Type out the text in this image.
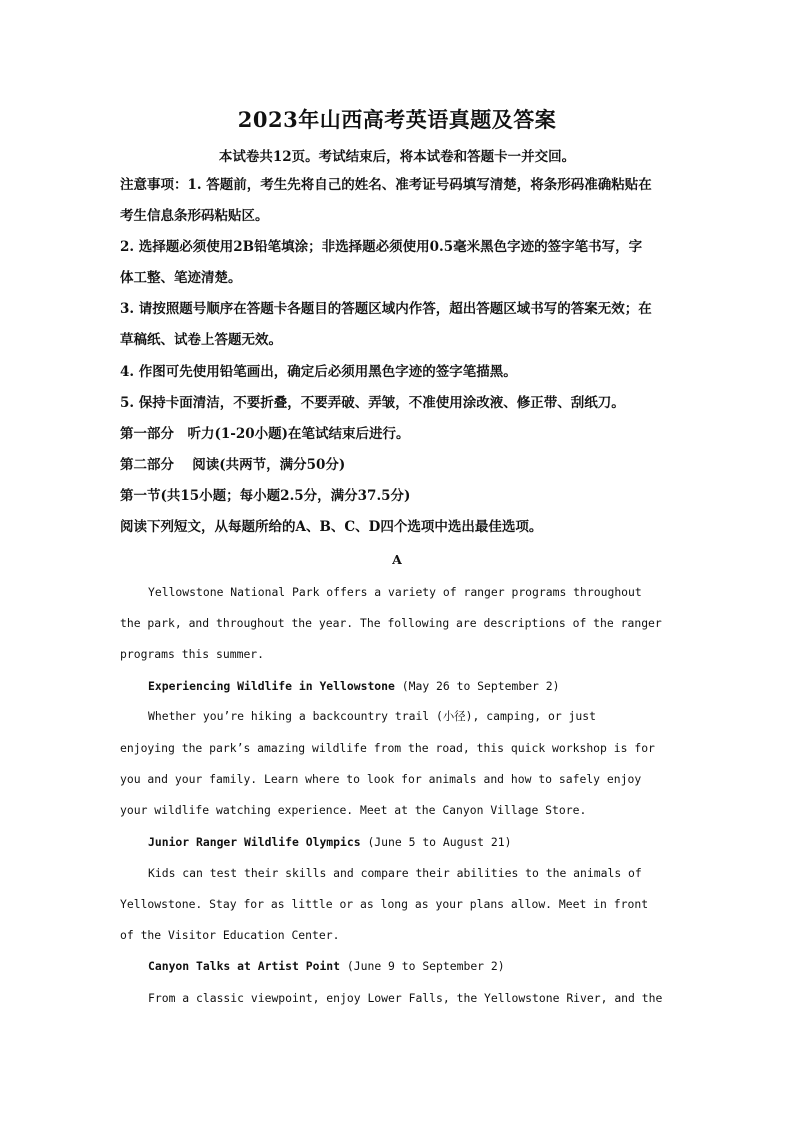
2023年山西高考英语真题及答案
本试卷共12页。考试结束后，将本试卷和答题卡一并交回。
注意事项：1. 答题前，考生先将自己的姓名、准考证号码填写清楚，将条形码准确粘贴在
考生信息条形码粘贴区。
2. 选择题必须使用2B铅笔填涂；非选择题必须使用0.5毫米黑色字迹的签字笔书写，字
体工整、笔迹清楚。
3. 请按照题号顺序在答题卡各题目的答题区域内作答，超出答题区域书写的答案无效；在
草稿纸、试卷上答题无效。
4. 作图可先使用铅笔画出，确定后必须用黑色字迹的签字笔描黑。
5. 保持卡面清洁，不要折叠，不要弄破、弄皱，不准使用涂改液、修正带、刮纸刀。
第一部分　听力(1-20小题)在笔试结束后进行。
第二部分　 阅读(共两节，满分50分)
第一节(共15小题；每小题2.5分，满分37.5分)
阅读下列短文，从每题所给的A、B、C、D四个选项中选出最佳选项。
A
Yellowstone National Park offers a variety of ranger programs throughout
the park, and throughout the year. The following are descriptions of the ranger
programs this summer.
Experiencing Wildlife in Yellowstone (May 26 to September 2)
Whether you’re hiking a backcountry trail (小径), camping, or just
enjoying the park’s amazing wildlife from the road, this quick workshop is for
you and your family. Learn where to look for animals and how to safely enjoy
your wildlife watching experience. Meet at the Canyon Village Store.
Junior Ranger Wildlife Olympics (June 5 to August 21)
Kids can test their skills and compare their abilities to the animals of
Yellowstone. Stay for as little or as long as your plans allow. Meet in front
of the Visitor Education Center.
Canyon Talks at Artist Point (June 9 to September 2)
From a classic viewpoint, enjoy Lower Falls, the Yellowstone River, and the
